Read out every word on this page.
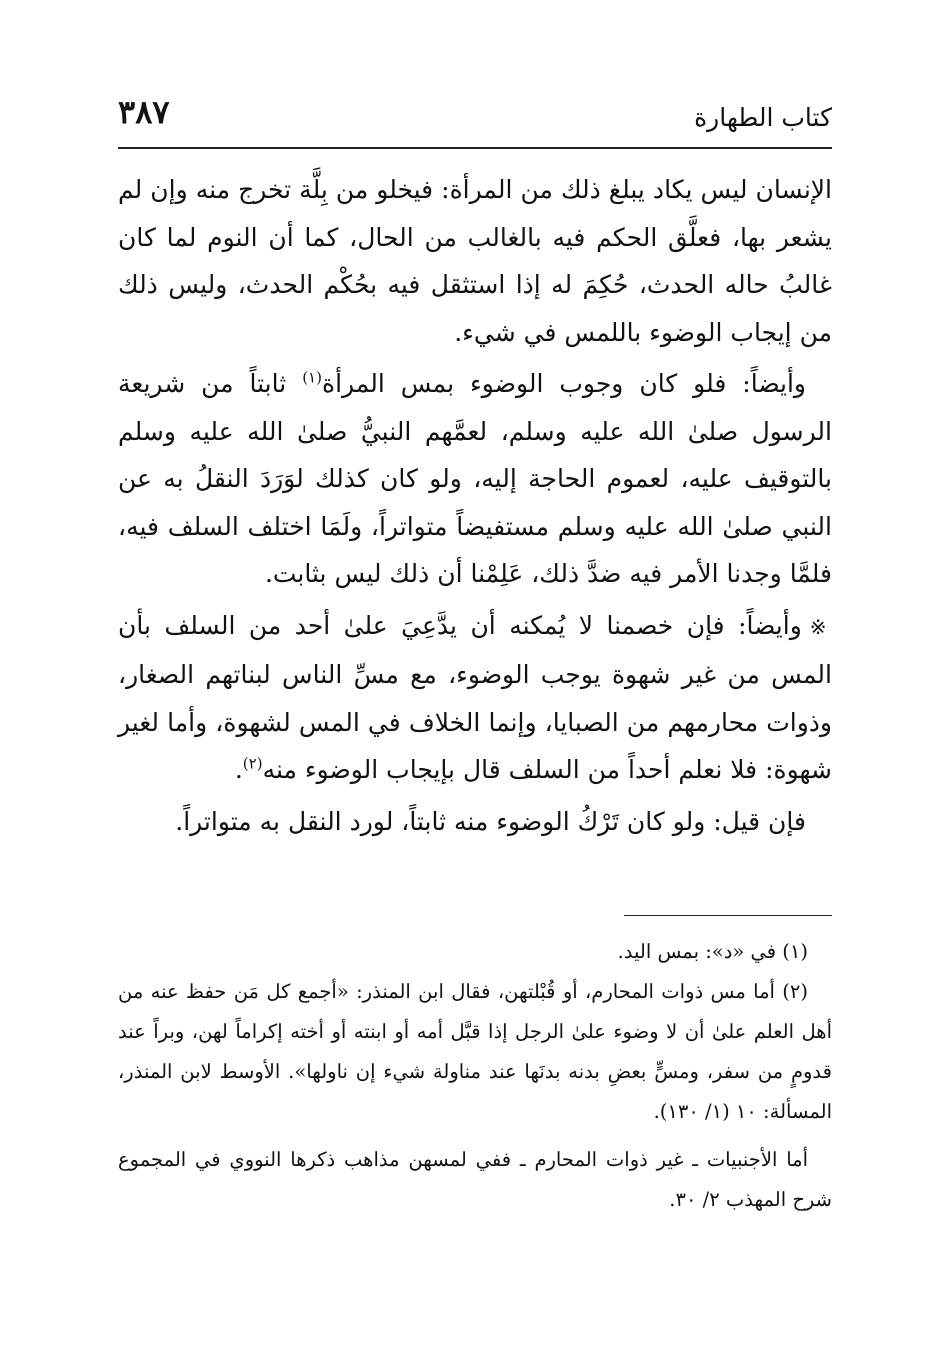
كتاب الطهارة
٣٨٧

الإنسان ليس يكاد يبلغ ذلك من المرأة: فيخلو من بِلَّة تخرج منه وإن لم يشعر بها، فعلَّق الحكم فيه بالغالب من الحال، كما أن النوم لما كان غالبُ حاله الحدث، حُكِمَ له إذا استثقل فيه بحُكْم الحدث، وليس ذلك من إيجاب الوضوء باللمس في شيء.

وأيضاً: فلو كان وجوب الوضوء بمس المرأة$^{(١)}$ ثابتاً من شريعة الرسول صلىٰ الله عليه وسلم، لعمَّهم النبيُّ صلىٰ الله عليه وسلم بالتوقيف عليه، لعموم الحاجة إليه، ولو كان كذلك لوَرَدَ النقلُ به عن النبي صلىٰ الله عليه وسلم مستفيضاً متواتراً، ولَمَا اختلف السلف فيه، فلمَّا وجدنا الأمر فيه ضدَّ ذلك، عَلِمْنا أن ذلك ليس بثابت.

※ وأيضاً: فإن خصمنا لا يُمكنه أن يدَّعِيَ علىٰ أحد من السلف بأن المس من غير شهوة يوجب الوضوء، مع مسِّ الناس لبناتهم الصغار، وذوات محارمهم من الصبايا، وإنما الخلاف في المس لشهوة، وأما لغير شهوة: فلا نعلم أحداً من السلف قال بإيجاب الوضوء منه$^{(٢)}$.

فإن قيل: ولو كان تَرْكُ الوضوء منه ثابتاً، لورد النقل به متواتراً.

(١) في «د»: بمس اليد.

(٢) أما مس ذوات المحارم، أو قُبْلتهن، فقال ابن المنذر: «أجمع كل مَن حفظ عنه من أهل العلم علىٰ أن لا وضوء علىٰ الرجل إذا قبَّل أمه أو ابنته أو أخته إكراماً لهن، وبراً عند قدومٍ من سفر، ومسٍّ بعضِ بدنه بدنَها عند مناولة شيء إن ناولها». الأوسط لابن المنذر، المسألة: ١٠ (١/ ١٣٠).

أما الأجنبيات ـ غير ذوات المحارم ـ ففي لمسهن مذاهب ذكرها النووي في المجموع شرح المهذب ٢/ ٣٠.
